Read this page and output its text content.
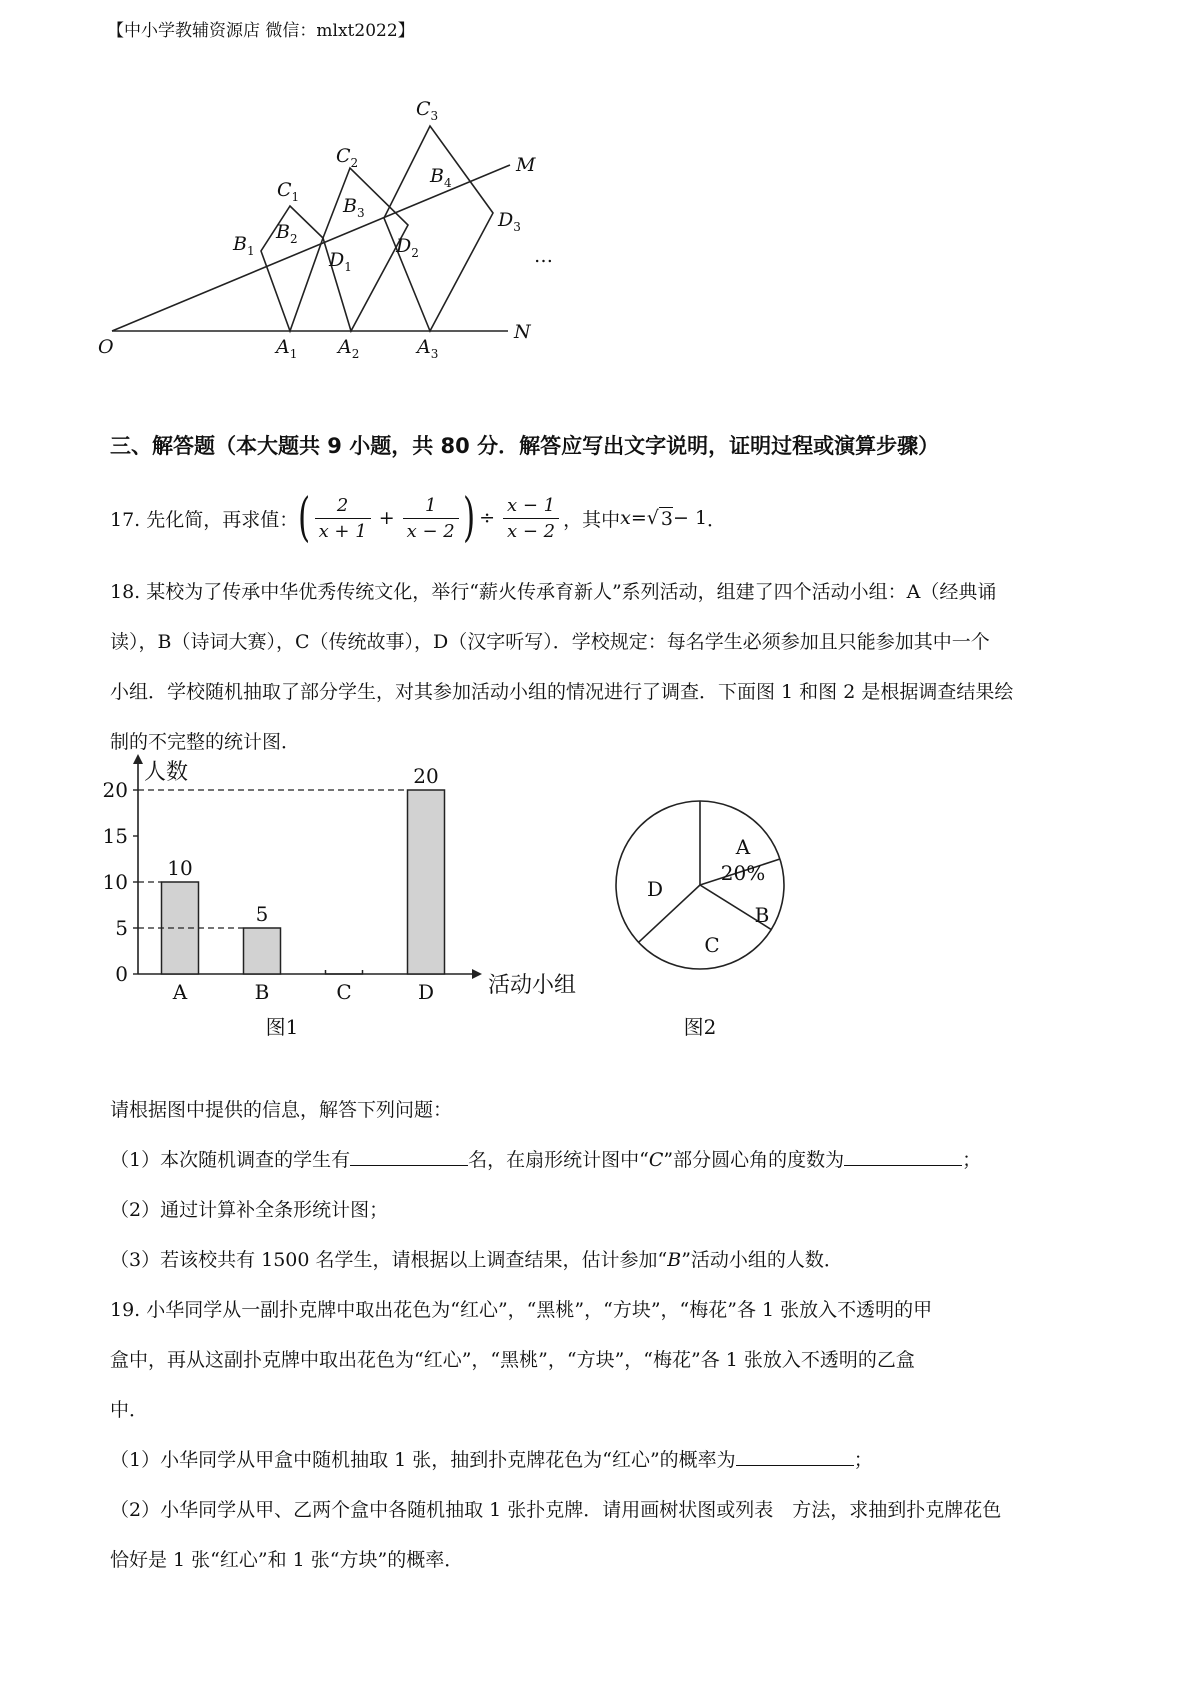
【中小学教辅资源店 微信：mlxt2022】
O
M
N
$A_1$ $A_2$	$A_3$
$B_1$
$B_2$
$B_3$
$B_4$
$C_1$
$C_2$
$C_3$
$D_1$
$D_2$
$D_3$
…
三、解答题（本大题共 9 小题，共 80 分．解答应写出文字说明，证明过程或演算步骤）
17. 先化简，再求值： ( $\frac{2}{x + 1} + \frac{1}{x - 2}$ ) ÷ $\frac{x - 1}{x - 2}$ ，其中 x = √ 3 − 1 ．
18. 某校为了传承中华优秀传统文化，举行“薪火传承育新人”系列活动，组建了四个活动小组：A（经典诵
读），B（诗词大赛），C（传统故事），D（汉字听写）．学校规定：每名学生必须参加且只能参加其中一个
小组．学校随机抽取了部分学生，对其参加活动小组的情况进行了调查．下面图 1 和图 2 是根据调查结果绘
制的不完整的统计图．
人数
活动小组
图1
0
5
10
15
20
10
A
5
B	C
20
D
A
20%
B
C
D
图2
请根据图中提供的信息，解答下列问题：
（1）本次随机调查的学生有	名，在扇形统计图中“C”部分圆心角的度数为	；
（2）通过计算补全条形统计图；
（3）若该校共有 1500 名学生，请根据以上调查结果，估计参加“B”活动小组的人数．
19. 小华同学从一副扑克牌中取出花色为“红心”，“黑桃”，“方块”，“梅花”各 1 张放入不透明的甲
盒中，再从这副扑克牌中取出花色为“红心”，“黑桃”，“方块”，“梅花”各 1 张放入不透明的乙盒
中．
（1）小华同学从甲盒中随机抽取 1 张，抽到扑克牌花色为“红心”的概率为	；
（2）小华同学从甲、乙两个盒中各随机抽取 1 张扑克牌．请用画树状图或列表　方法，求抽到扑克牌花色
恰好是 1 张“红心”和 1 张“方块”的概率．
